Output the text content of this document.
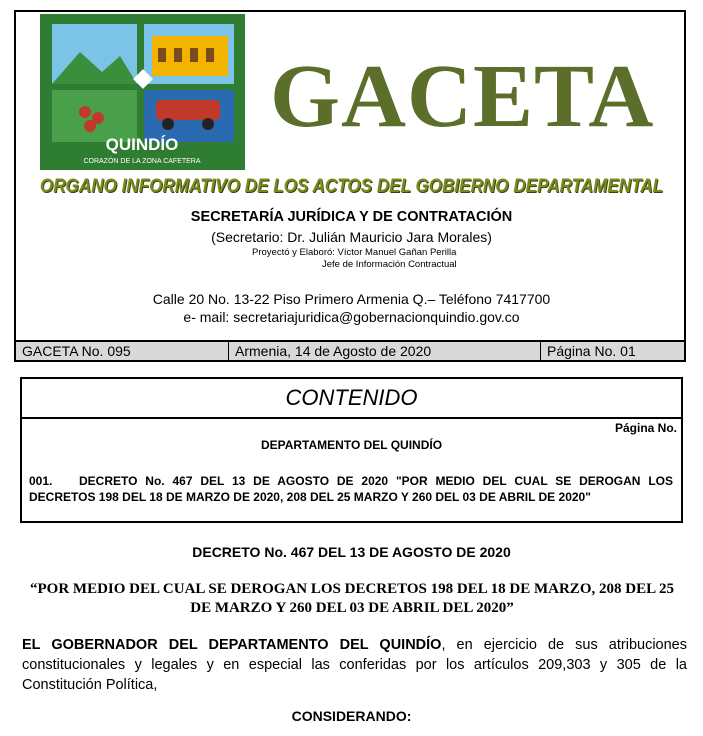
QUINDÍO
CORAZÓN DE LA ZONA CAFETERA
GACETA
ORGANO INFORMATIVO DE LOS ACTOS DEL GOBIERNO DEPARTAMENTAL
SECRETARÍA JURÍDICA Y DE CONTRATACIÓN
(Secretario: Dr. Julián Mauricio Jara Morales)
Proyectó y Elaboró: Víctor Manuel Gañan Perilla
Jefe de Información Contractual
Calle 20 No. 13-22 Piso Primero Armenia Q.– Teléfono 7417700
e- mail: secretariajuridica@gobernacionquindio.gov.co
GACETA No. 095	Armenia, 14 de Agosto de 2020	Página No. 01
CONTENIDO
Página No.
DEPARTAMENTO DEL QUINDÍO
001. DECRETO No. 467 DEL 13 DE AGOSTO DE 2020 "POR MEDIO DEL CUAL SE DEROGAN LOS DECRETOS 198 DEL 18 DE MARZO DE 2020, 208 DEL 25 MARZO Y 260 DEL 03 DE ABRIL DE 2020"
DECRETO No. 467 DEL 13 DE AGOSTO DE 2020
“POR MEDIO DEL CUAL SE DEROGAN LOS DECRETOS 198 DEL 18 DE MARZO, 208 DEL 25 DE MARZO Y 260 DEL 03 DE ABRIL DEL 2020”
EL GOBERNADOR DEL DEPARTAMENTO DEL QUINDÍO, en ejercicio de sus atribuciones constitucionales y legales y en especial las conferidas por los artículos 209,303 y 305 de la Constitución Política,
CONSIDERANDO:
